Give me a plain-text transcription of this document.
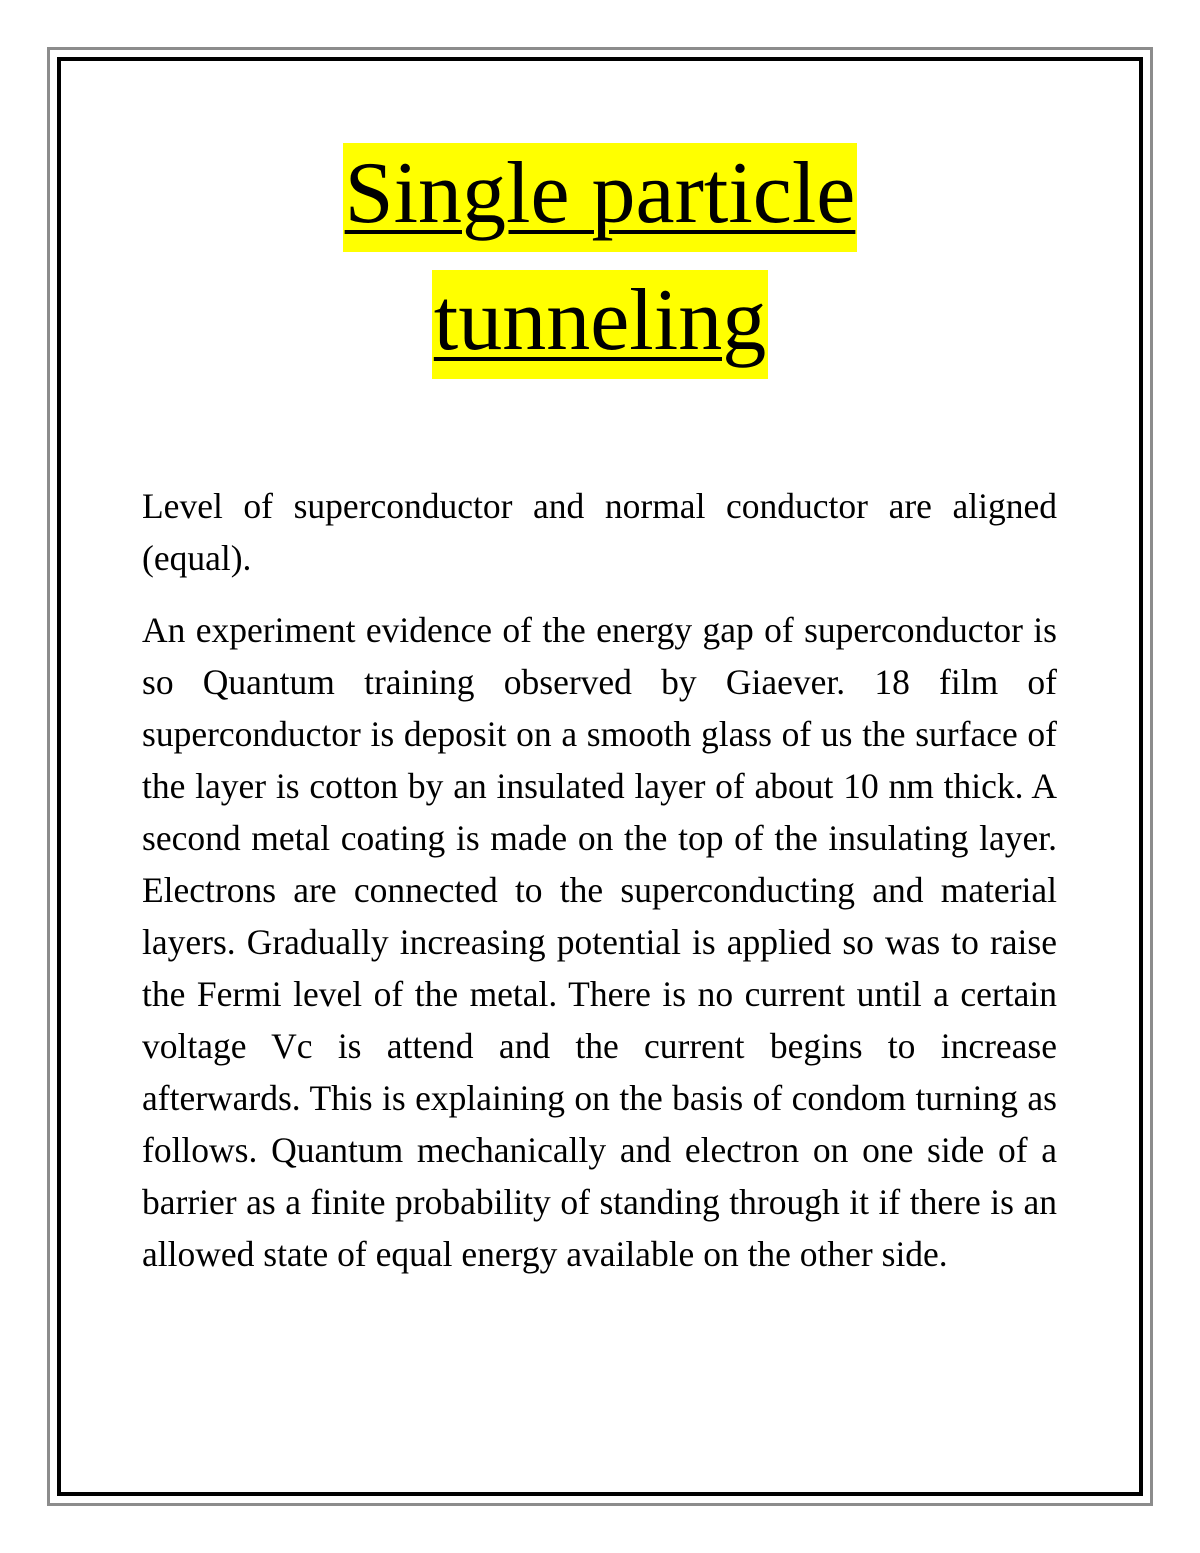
Single particle
tunneling

Level of superconductor and normal conductor are aligned (equal).

An experiment evidence of the energy gap of superconductor is so Quantum training observed by Giaever. 18 film of superconductor is deposit on a smooth glass of us the surface of the layer is cotton by an insulated layer of about 10 nm thick. A second metal coating is made on the top of the insulating layer. Electrons are connected to the superconducting and material layers. Gradually increasing potential is applied so was to raise the Fermi level of the metal. There is no current until a certain voltage Vc is attend and the current begins to increase afterwards. This is explaining on the basis of condom turning as follows. Quantum mechanically and electron on one side of a barrier as a finite probability of standing through it if there is an allowed state of equal energy available on the other side.
